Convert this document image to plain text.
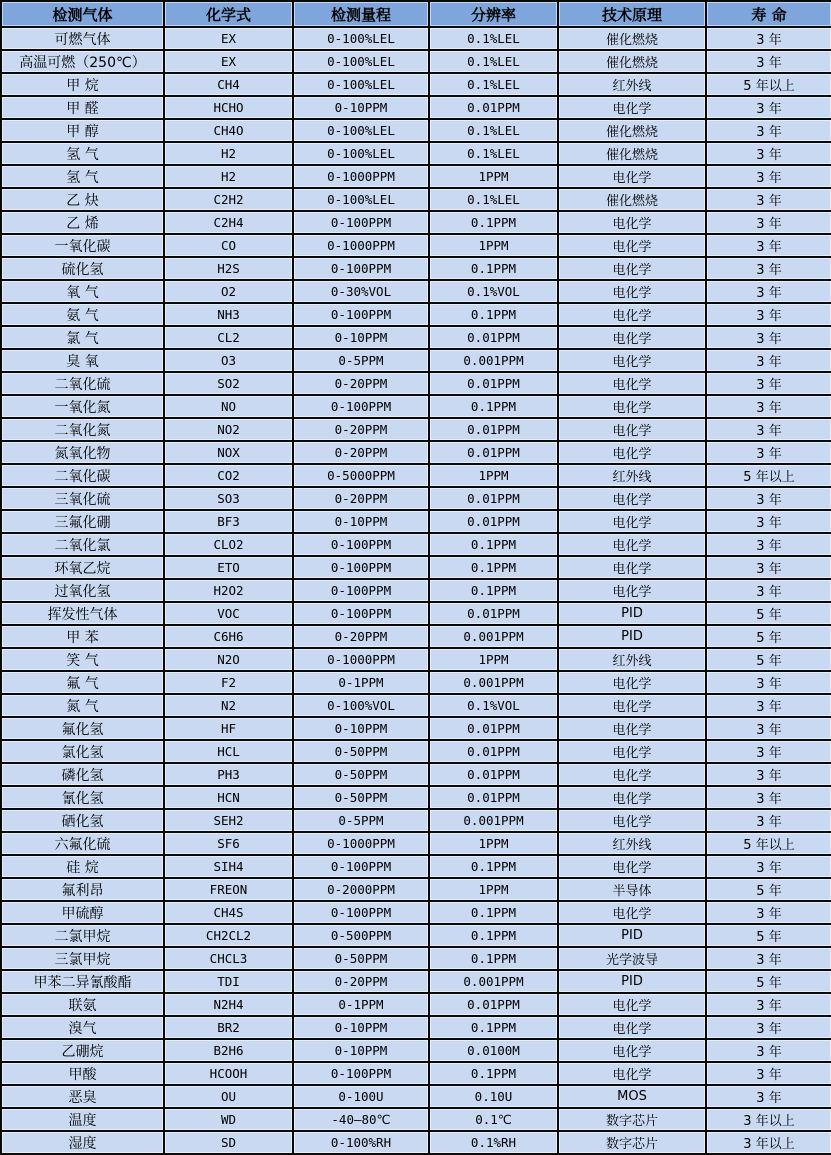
检测气体	化学式	检测量程	分辨率	技术原理	寿 命
可燃气体	EX	0-100%LEL	0.1%LEL	催化燃烧	3 年
高温可燃（250℃）	EX	0-100%LEL	0.1%LEL	催化燃烧	3 年
甲 烷	CH4	0-100%LEL	0.1%LEL	红外线	5 年以上
甲 醛	HCHO	0-10PPM	0.01PPM	电化学	3 年
甲 醇	CH4O	0-100%LEL	0.1%LEL	催化燃烧	3 年
氢 气	H2	0-100%LEL	0.1%LEL	催化燃烧	3 年
氢 气	H2	0-1000PPM	1PPM	电化学	3 年
乙 炔	C2H2	0-100%LEL	0.1%LEL	催化燃烧	3 年
乙 烯	C2H4	0-100PPM	0.1PPM	电化学	3 年
一氧化碳	CO	0-1000PPM	1PPM	电化学	3 年
硫化氢	H2S	0-100PPM	0.1PPM	电化学	3 年
氧 气	O2	0-30%VOL	0.1%VOL	电化学	3 年
氨 气	NH3	0-100PPM	0.1PPM	电化学	3 年
氯 气	CL2	0-10PPM	0.01PPM	电化学	3 年
臭 氧	O3	0-5PPM	0.001PPM	电化学	3 年
二氧化硫	SO2	0-20PPM	0.01PPM	电化学	3 年
一氧化氮	NO	0-100PPM	0.1PPM	电化学	3 年
二氧化氮	NO2	0-20PPM	0.01PPM	电化学	3 年
氮氧化物	NOX	0-20PPM	0.01PPM	电化学	3 年
二氧化碳	CO2	0-5000PPM	1PPM	红外线	5 年以上
三氧化硫	SO3	0-20PPM	0.01PPM	电化学	3 年
三氟化硼	BF3	0-10PPM	0.01PPM	电化学	3 年
二氧化氯	CLO2	0-100PPM	0.1PPM	电化学	3 年
环氧乙烷	ETO	0-100PPM	0.1PPM	电化学	3 年
过氧化氢	H2O2	0-100PPM	0.1PPM	电化学	3 年
挥发性气体	VOC	0-100PPM	0.01PPM	PID	5 年
甲 苯	C6H6	0-20PPM	0.001PPM	PID	5 年
笑 气	N2O	0-1000PPM	1PPM	红外线	5 年
氟 气	F2	0-1PPM	0.001PPM	电化学	3 年
氮 气	N2	0-100%VOL	0.1%VOL	电化学	3 年
氟化氢	HF	0-10PPM	0.01PPM	电化学	3 年
氯化氢	HCL	0-50PPM	0.01PPM	电化学	3 年
磷化氢	PH3	0-50PPM	0.01PPM	电化学	3 年
氰化氢	HCN	0-50PPM	0.01PPM	电化学	3 年
硒化氢	SEH2	0-5PPM	0.001PPM	电化学	3 年
六氟化硫	SF6	0-1000PPM	1PPM	红外线	5 年以上
硅 烷	SIH4	0-100PPM	0.1PPM	电化学	3 年
氟利昂	FREON	0-2000PPM	1PPM	半导体	5 年
甲硫醇	CH4S	0-100PPM	0.1PPM	电化学	3 年
二氯甲烷	CH2CL2	0-500PPM	0.1PPM	PID	5 年
三氯甲烷	CHCL3	0-50PPM	0.1PPM	光学波导	3 年
甲苯二异氰酸酯	TDI	0-20PPM	0.001PPM	PID	5 年
联氨	N2H4	0-1PPM	0.01PPM	电化学	3 年
溴气	BR2	0-10PPM	0.1PPM	电化学	3 年
乙硼烷	B2H6	0-10PPM	0.0100M	电化学	3 年
甲酸	HCOOH	0-100PPM	0.1PPM	电化学	3 年
恶臭	OU	0-100U	0.10U	MOS	3 年
温度	WD	-40—80℃	0.1℃	数字芯片	3 年以上
湿度	SD	0-100%RH	0.1%RH	数字芯片	3 年以上
